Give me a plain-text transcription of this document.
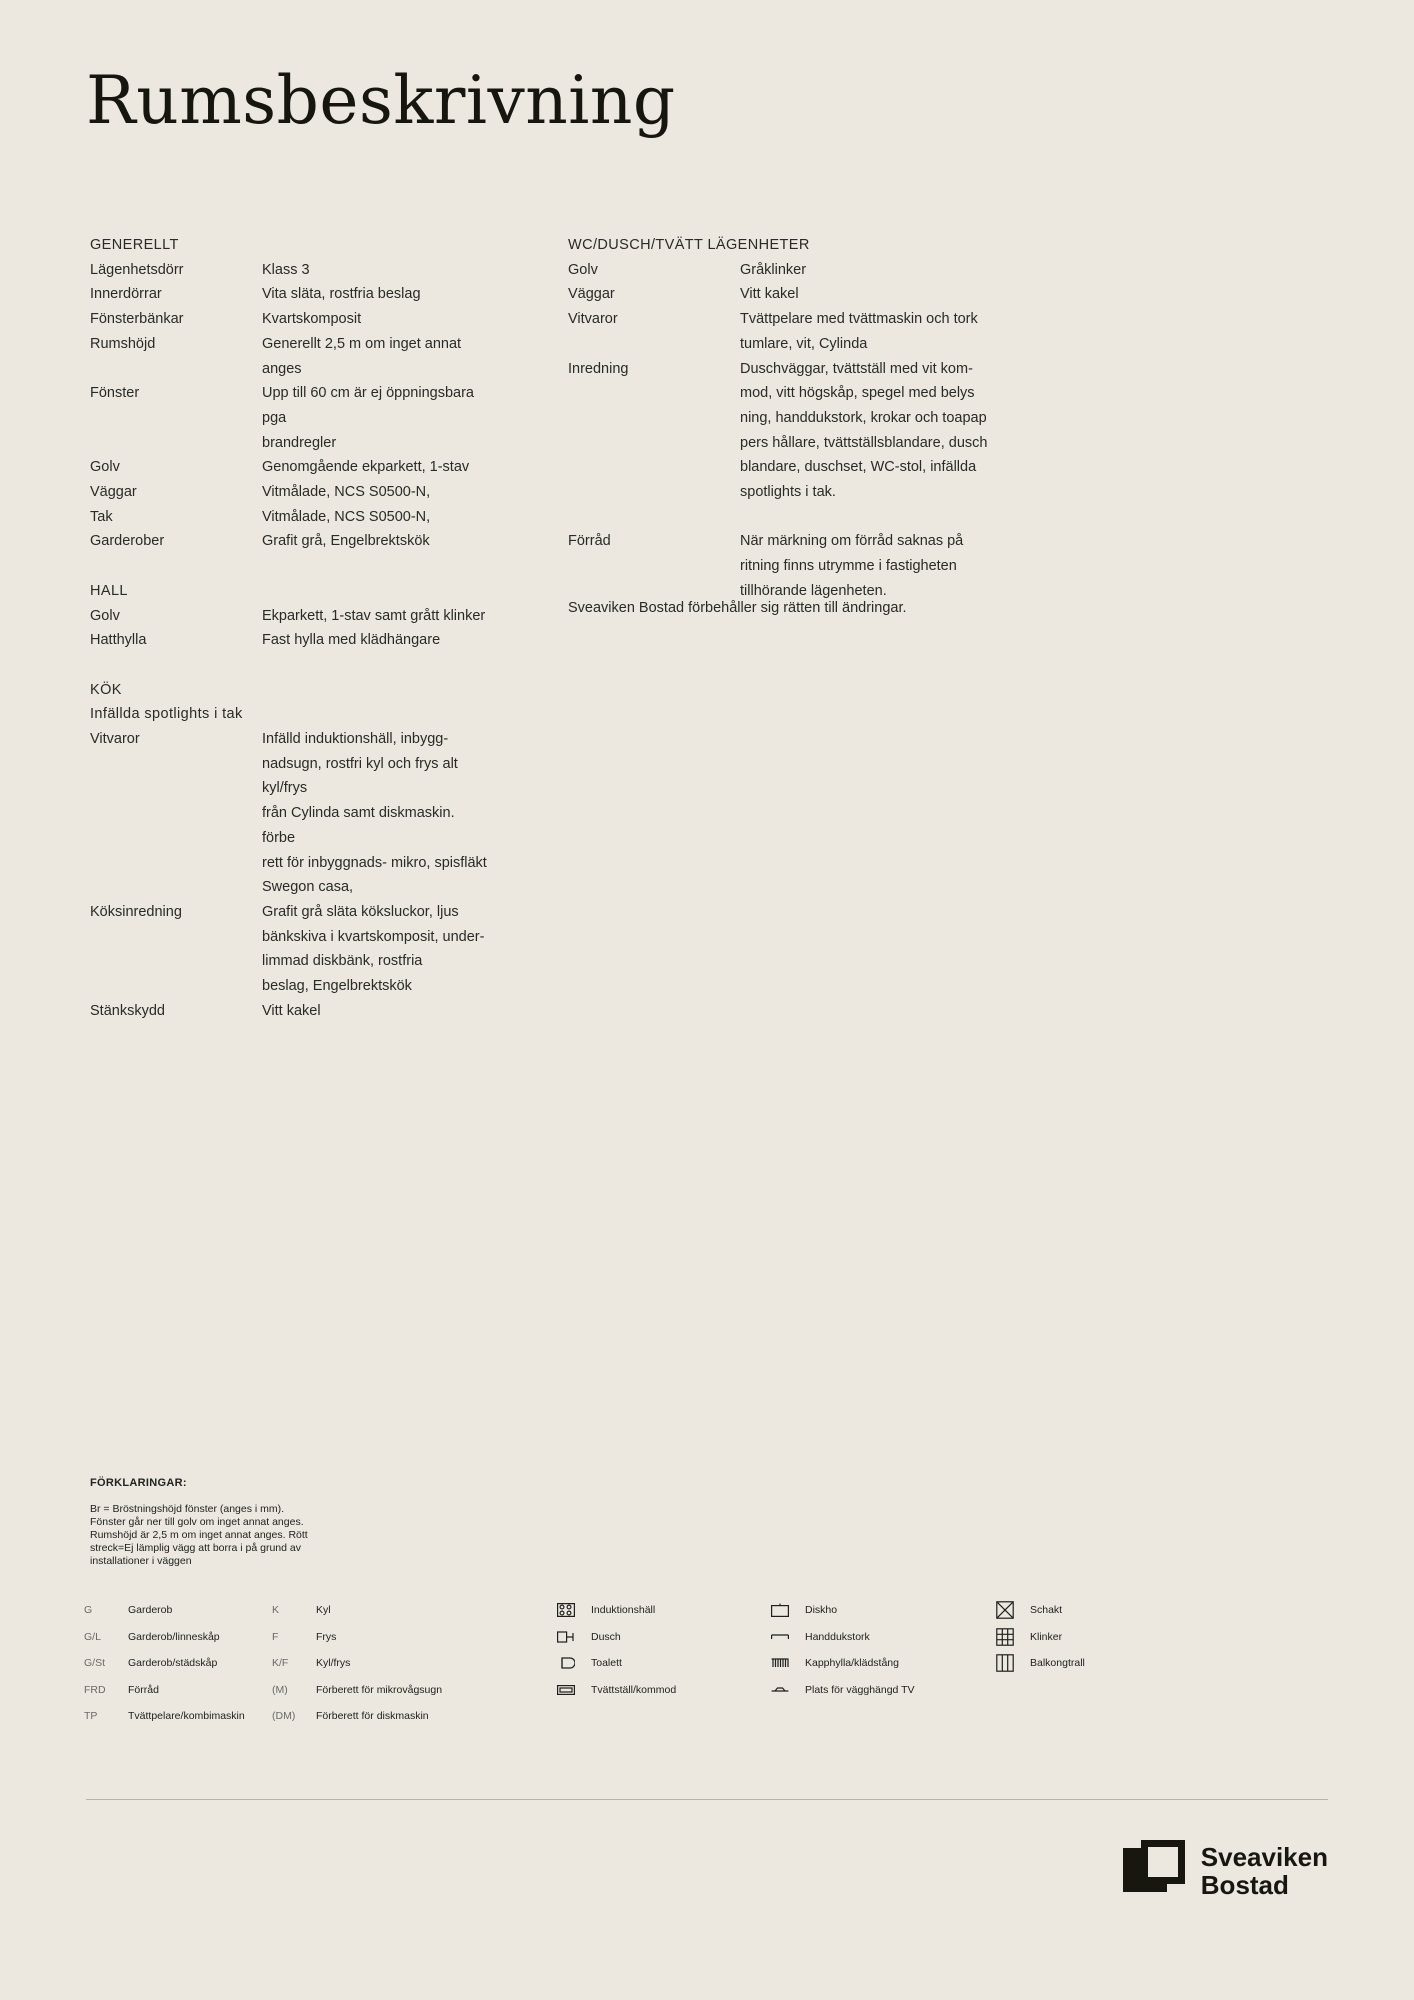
Rumsbeskrivning
GENERELLT
Lägenhetsdörr	Klass 3
Innerdörrar	Vita släta, rostfria beslag
Fönsterbänkar	Kvartskomposit
Rumshöjd	Generellt 2,5 m om inget annat
anges
Fönster	Upp till 60 cm är ej öppningsbara pga
brandregler
Golv	Genomgående ekparkett, 1-stav
Väggar	Vitmålade, NCS S0500-N,
Tak	Vitmålade, NCS S0500-N,
Garderober	Grafit grå, Engelbrektskök
HALL
Golv	Ekparkett, 1-stav samt grått klinker
Hatthylla	Fast hylla med klädhängare
KÖK
Infällda spotlights i tak
Vitvaror	Infälld induktionshäll, inbygg-
nadsugn, rostfri kyl och frys alt kyl/frys
från Cylinda samt diskmaskin. förbe
rett för inbyggnads- mikro, spisfläkt
Swegon casa,
Köksinredning	Grafit grå släta köksluckor, ljus
bänkskiva i kvartskomposit, under-
limmad diskbänk, rostfria
beslag, Engelbrektskök
Stänkskydd	Vitt kakel
WC/DUSCH/TVÄTT LÄGENHETER
Golv	Gråklinker
Väggar	Vitt kakel
Vitvaror	Tvättpelare med tvättmaskin och tork
tumlare, vit, Cylinda
Inredning	Duschväggar, tvättställ med vit kom-
mod, vitt högskåp, spegel med belys
ning, handdukstork, krokar och toapap
pers hållare, tvättställsblandare, dusch
blandare, duschset, WC-stol, infällda
spotlights i tak.
Förråd	När märkning om förråd saknas på
ritning finns utrymme i fastigheten
tillhörande lägenheten.
Sveaviken Bostad förbehåller sig rätten till ändringar.
FÖRKLARINGAR:
Br = Bröstningshöjd fönster (anges i mm). Fönster går ner till golv om inget annat anges. Rumshöjd är 2,5 m om inget annat anges. Rött streck=Ej lämplig vägg att borra i på grund av installationer i väggen
G	Garderob
G/L	Garderob/linneskåp
G/St	Garderob/städskåp
FRD	Förråd
TP	Tvättpelare/kombimaskin
K	Kyl
F	Frys
K/F	Kyl/frys
(M)	Förberett för mikrovågsugn
(DM)	Förberett för diskmaskin
Induktionshäll
Dusch
Toalett
Tvättställ/kommod
Diskho
Handdukstork
Kapphylla/klädstång
Plats för vägghängd TV
Schakt
Klinker
Balkongtrall
Sveaviken
Bostad
